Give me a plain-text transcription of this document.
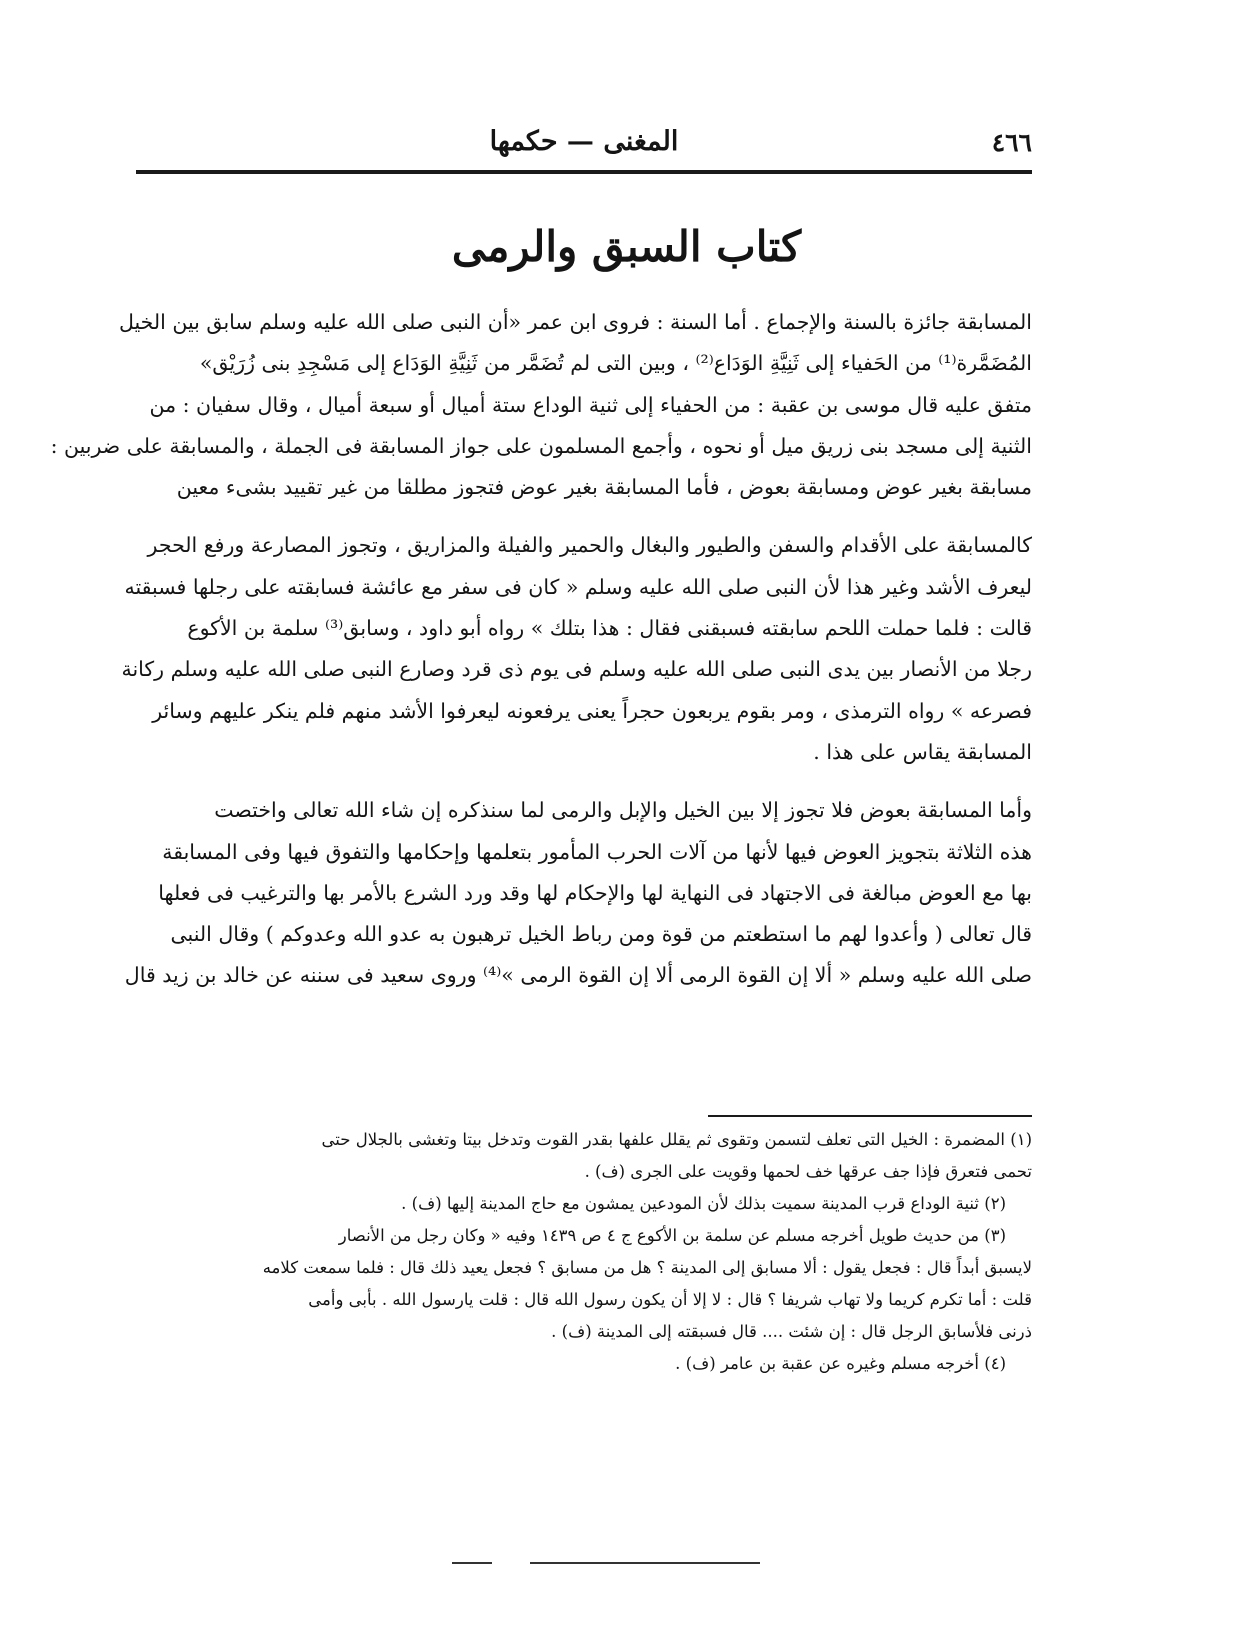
٤٦٦
المغنى — حكمها
كتاب السبق والرمى

المسابقة جائزة بالسنة والإجماع . أما السنة : فروى ابن عمر «أن النبى صلى الله عليه وسلم سابق بين الخيل
المُضَمَّرة⁽¹⁾ من الحَفياء إلى ثَنِيَّةِ الوَدَاع⁽²⁾ ، وبين التى لم تُضَمَّر من ثَنِيَّةِ الوَدَاع إلى مَسْجِدِ بنى زُرَيْق»
متفق عليه قال موسى بن عقبة : من الحفياء إلى ثنية الوداع ستة أميال أو سبعة أميال ، وقال سفيان : من
الثنية إلى مسجد بنى زريق ميل أو نحوه ، وأجمع المسلمون على جواز المسابقة فى الجملة ، والمسابقة على ضربين :
مسابقة بغير عوض ومسابقة بعوض ، فأما المسابقة بغير عوض فتجوز مطلقا من غير تقييد بشىء معين

كالمسابقة على الأقدام والسفن والطيور والبغال والحمير والفيلة والمزاريق ، وتجوز المصارعة ورفع الحجر
ليعرف الأشد وغير هذا لأن النبى صلى الله عليه وسلم « كان فى سفر مع عائشة فسابقته على رجلها فسبقته
قالت : فلما حملت اللحم سابقته فسبقنى فقال : هذا بتلك » رواه أبو داود ، وسابق⁽³⁾ سلمة بن الأكوع
رجلا من الأنصار بين يدى النبى صلى الله عليه وسلم فى يوم ذى قرد وصارع النبى صلى الله عليه وسلم ركانة
فصرعه » رواه الترمذى ، ومر بقوم يربعون حجراً يعنى يرفعونه ليعرفوا الأشد منهم فلم ينكر عليهم وسائر
المسابقة يقاس على هذا .

وأما المسابقة بعوض فلا تجوز إلا بين الخيل والإبل والرمى لما سنذكره إن شاء الله تعالى واختصت
هذه الثلاثة بتجويز العوض فيها لأنها من آلات الحرب المأمور بتعلمها وإحكامها والتفوق فيها وفى المسابقة
بها مع العوض مبالغة فى الاجتهاد فى النهاية لها والإحكام لها وقد ورد الشرع بالأمر بها والترغيب فى فعلها
قال تعالى ( وأعدوا لهم ما استطعتم من قوة ومن رباط الخيل ترهبون به عدو الله وعدوكم ) وقال النبى
صلى الله عليه وسلم « ألا إن القوة الرمى ألا إن القوة الرمى »⁽⁴⁾ وروى سعيد فى سننه عن خالد بن زيد قال

(١) المضمرة : الخيل التى تعلف لتسمن وتقوى ثم يقلل علفها بقدر القوت وتدخل بيتا وتغشى بالجلال حتى
تحمى فتعرق فإذا جف عرقها خف لحمها وقويت على الجرى (ف) .

(٢) ثنية الوداع قرب المدينة سميت بذلك لأن المودعين يمشون مع حاج المدينة إليها (ف) .

(٣) من حديث طويل أخرجه مسلم عن سلمة بن الأكوع ج ٤ ص ١٤٣٩ وفيه « وكان رجل من الأنصار
لايسبق أبداً قال : فجعل يقول : ألا مسابق إلى المدينة ؟ هل من مسابق ؟ فجعل يعيد ذلك قال : فلما سمعت كلامه
قلت : أما تكرم كريما ولا تهاب شريفا ؟ قال : لا إلا أن يكون رسول الله قال : قلت يارسول الله . بأبى وأمى
ذرنى فلأسابق الرجل قال : إن شئت .... قال فسبقته إلى المدينة (ف) .

(٤) أخرجه مسلم وغيره عن عقبة بن عامر (ف) .
